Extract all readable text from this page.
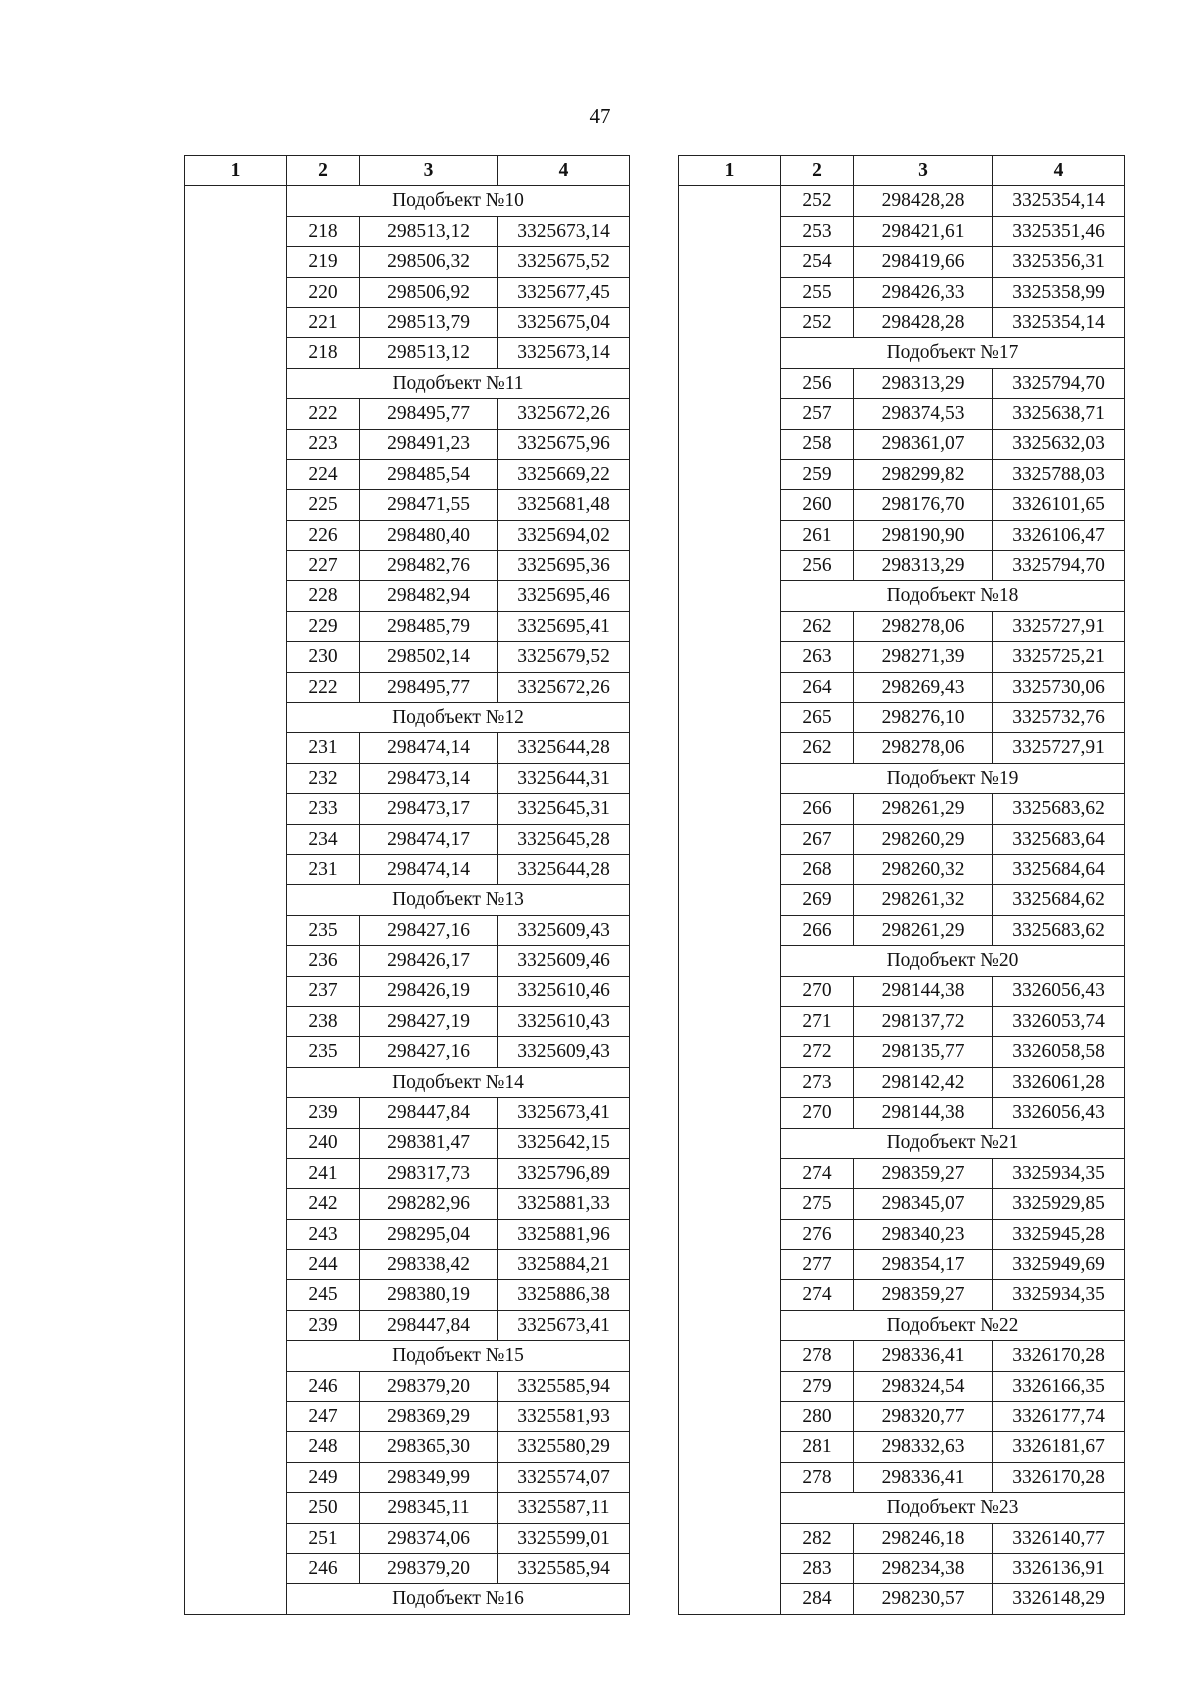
47
1	2	3	4
	Подобъект №10		
	218	298513,12	3325673,14
	219	298506,32	3325675,52
	220	298506,92	3325677,45
	221	298513,79	3325675,04
	218	298513,12	3325673,14
	Подобъект №11		
	222	298495,77	3325672,26
	223	298491,23	3325675,96
	224	298485,54	3325669,22
	225	298471,55	3325681,48
	226	298480,40	3325694,02
	227	298482,76	3325695,36
	228	298482,94	3325695,46
	229	298485,79	3325695,41
	230	298502,14	3325679,52
	222	298495,77	3325672,26
	Подобъект №12		
	231	298474,14	3325644,28
	232	298473,14	3325644,31
	233	298473,17	3325645,31
	234	298474,17	3325645,28
	231	298474,14	3325644,28
	Подобъект №13		
	235	298427,16	3325609,43
	236	298426,17	3325609,46
	237	298426,19	3325610,46
	238	298427,19	3325610,43
	235	298427,16	3325609,43
	Подобъект №14		
	239	298447,84	3325673,41
	240	298381,47	3325642,15
	241	298317,73	3325796,89
	242	298282,96	3325881,33
	243	298295,04	3325881,96
	244	298338,42	3325884,21
	245	298380,19	3325886,38
	239	298447,84	3325673,41
	Подобъект №15		
	246	298379,20	3325585,94
	247	298369,29	3325581,93
	248	298365,30	3325580,29
	249	298349,99	3325574,07
	250	298345,11	3325587,11
	251	298374,06	3325599,01
	246	298379,20	3325585,94
	Подобъект №16		
1	2	3	4
	252	298428,28	3325354,14
	253	298421,61	3325351,46
	254	298419,66	3325356,31
	255	298426,33	3325358,99
	252	298428,28	3325354,14
	Подобъект №17		
	256	298313,29	3325794,70
	257	298374,53	3325638,71
	258	298361,07	3325632,03
	259	298299,82	3325788,03
	260	298176,70	3326101,65
	261	298190,90	3326106,47
	256	298313,29	3325794,70
	Подобъект №18		
	262	298278,06	3325727,91
	263	298271,39	3325725,21
	264	298269,43	3325730,06
	265	298276,10	3325732,76
	262	298278,06	3325727,91
	Подобъект №19		
	266	298261,29	3325683,62
	267	298260,29	3325683,64
	268	298260,32	3325684,64
	269	298261,32	3325684,62
	266	298261,29	3325683,62
	Подобъект №20		
	270	298144,38	3326056,43
	271	298137,72	3326053,74
	272	298135,77	3326058,58
	273	298142,42	3326061,28
	270	298144,38	3326056,43
	Подобъект №21		
	274	298359,27	3325934,35
	275	298345,07	3325929,85
	276	298340,23	3325945,28
	277	298354,17	3325949,69
	274	298359,27	3325934,35
	Подобъект №22		
	278	298336,41	3326170,28
	279	298324,54	3326166,35
	280	298320,77	3326177,74
	281	298332,63	3326181,67
	278	298336,41	3326170,28
	Подобъект №23		
	282	298246,18	3326140,77
	283	298234,38	3326136,91
	284	298230,57	3326148,29
